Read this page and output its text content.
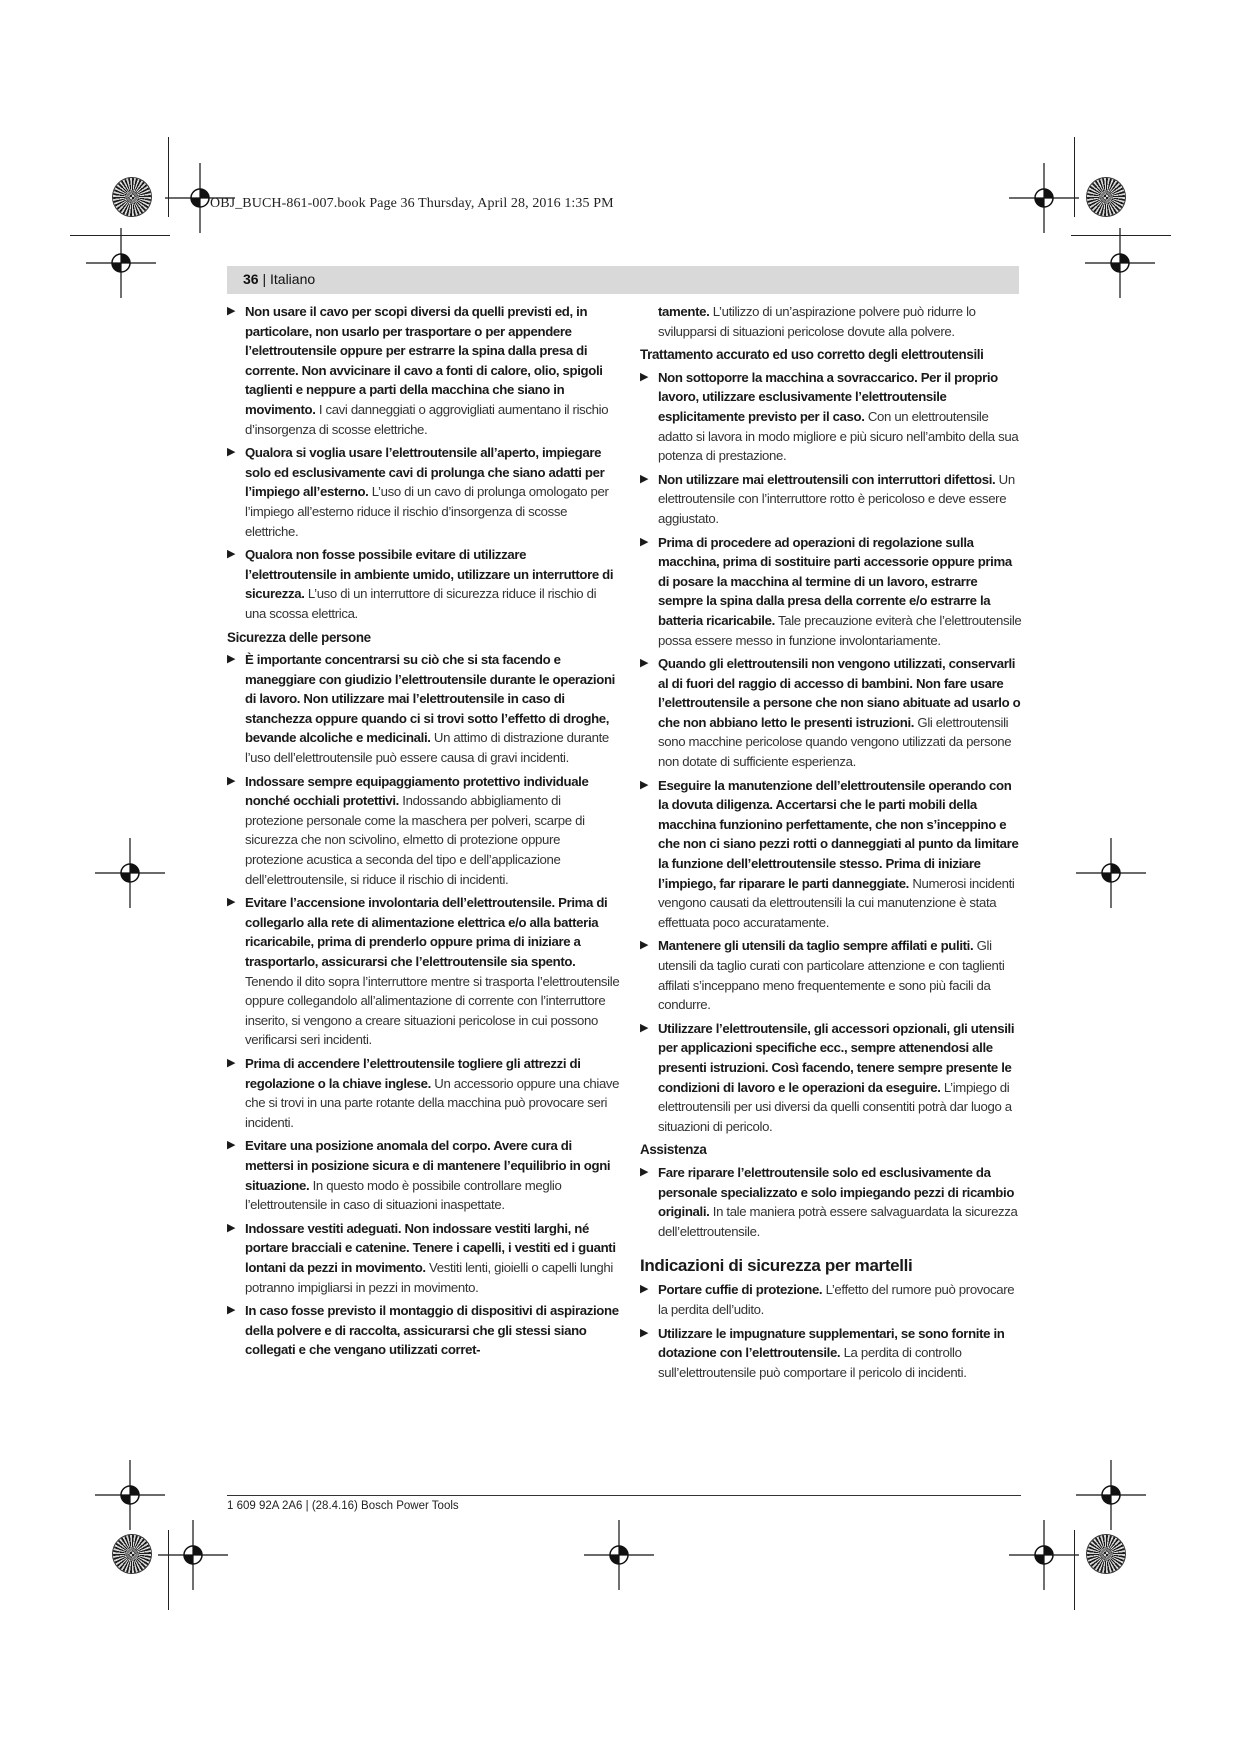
OBJ_BUCH-861-007.book Page 36 Thursday, April 28, 2016 1:35 PM
36 | Italiano
▶ Non usare il cavo per scopi diversi da quelli previsti ed, in particolare, non usarlo per trasportare o per appendere l’elettroutensile oppure per estrarre la spina dalla presa di corrente. Non avvicinare il cavo a fonti di calore, olio, spigoli taglienti e neppure a parti della macchina che siano in movimento. I cavi danneggiati o aggrovigliati aumentano il rischio d’insorgenza di scosse elettriche.
▶ Qualora si voglia usare l’elettroutensile all’aperto, impiegare solo ed esclusivamente cavi di prolunga che siano adatti per l’impiego all’esterno. L’uso di un cavo di prolunga omologato per l’impiego all’esterno riduce il rischio d’insorgenza di scosse elettriche.
▶ Qualora non fosse possibile evitare di utilizzare l’elettroutensile in ambiente umido, utilizzare un interruttore di sicurezza. L’uso di un interruttore di sicurezza riduce il rischio di una scossa elettrica.
Sicurezza delle persone
▶ È importante concentrarsi su ciò che si sta facendo e maneggiare con giudizio l’elettroutensile durante le operazioni di lavoro. Non utilizzare mai l’elettroutensile in caso di stanchezza oppure quando ci si trovi sotto l’effetto di droghe, bevande alcoliche e medicinali. Un attimo di distrazione durante l’uso dell’elettroutensile può essere causa di gravi incidenti.
▶ Indossare sempre equipaggiamento protettivo individuale nonché occhiali protettivi. Indossando abbigliamento di protezione personale come la maschera per polveri, scarpe di sicurezza che non scivolino, elmetto di protezione oppure protezione acustica a seconda del tipo e dell’applicazione dell’elettroutensile, si riduce il rischio di incidenti.
▶ Evitare l’accensione involontaria dell’elettroutensile. Prima di collegarlo alla rete di alimentazione elettrica e/o alla batteria ricaricabile, prima di prenderlo oppure prima di iniziare a trasportarlo, assicurarsi che l’elettroutensile sia spento. Tenendo il dito sopra l’interruttore mentre si trasporta l’elettroutensile oppure collegandolo all’alimentazione di corrente con l’interruttore inserito, si vengono a creare situazioni pericolose in cui possono verificarsi seri incidenti.
▶ Prima di accendere l’elettroutensile togliere gli attrezzi di regolazione o la chiave inglese. Un accessorio oppure una chiave che si trovi in una parte rotante della macchina può provocare seri incidenti.
▶ Evitare una posizione anomala del corpo. Avere cura di mettersi in posizione sicura e di mantenere l’equilibrio in ogni situazione. In questo modo è possibile controllare meglio l’elettroutensile in caso di situazioni inaspettate.
▶ Indossare vestiti adeguati. Non indossare vestiti larghi, né portare bracciali e catenine. Tenere i capelli, i vestiti ed i guanti lontani da pezzi in movimento. Vestiti lenti, gioielli o capelli lunghi potranno impigliarsi in pezzi in movimento.
▶ In caso fosse previsto il montaggio di dispositivi di aspirazione della polvere e di raccolta, assicurarsi che gli stessi siano collegati e che vengano utilizzati corret-
tamente. L’utilizzo di un’aspirazione polvere può ridurre lo svilupparsi di situazioni pericolose dovute alla polvere.
Trattamento accurato ed uso corretto degli elettroutensili
▶ Non sottoporre la macchina a sovraccarico. Per il proprio lavoro, utilizzare esclusivamente l’elettroutensile esplicitamente previsto per il caso. Con un elettroutensile adatto si lavora in modo migliore e più sicuro nell’ambito della sua potenza di prestazione.
▶ Non utilizzare mai elettroutensili con interruttori difettosi. Un elettroutensile con l’interruttore rotto è pericoloso e deve essere aggiustato.
▶ Prima di procedere ad operazioni di regolazione sulla macchina, prima di sostituire parti accessorie oppure prima di posare la macchina al termine di un lavoro, estrarre sempre la spina dalla presa della corrente e/o estrarre la batteria ricaricabile. Tale precauzione eviterà che l’elettroutensile possa essere messo in funzione involontariamente.
▶ Quando gli elettroutensili non vengono utilizzati, conservarli al di fuori del raggio di accesso di bambini. Non fare usare l’elettroutensile a persone che non siano abituate ad usarlo o che non abbiano letto le presenti istruzioni. Gli elettroutensili sono macchine pericolose quando vengono utilizzati da persone non dotate di sufficiente esperienza.
▶ Eseguire la manutenzione dell’elettroutensile operando con la dovuta diligenza. Accertarsi che le parti mobili della macchina funzionino perfettamente, che non s’inceppino e che non ci siano pezzi rotti o danneggiati al punto da limitare la funzione dell’elettroutensile stesso. Prima di iniziare l’impiego, far riparare le parti danneggiate. Numerosi incidenti vengono causati da elettroutensili la cui manutenzione è stata effettuata poco accuratamente.
▶ Mantenere gli utensili da taglio sempre affilati e puliti. Gli utensili da taglio curati con particolare attenzione e con taglienti affilati s’inceppano meno frequentemente e sono più facili da condurre.
▶ Utilizzare l’elettroutensile, gli accessori opzionali, gli utensili per applicazioni specifiche ecc., sempre attenendosi alle presenti istruzioni. Così facendo, tenere sempre presente le condizioni di lavoro e le operazioni da eseguire. L’impiego di elettroutensili per usi diversi da quelli consentiti potrà dar luogo a situazioni di pericolo.
Assistenza
▶ Fare riparare l’elettroutensile solo ed esclusivamente da personale specializzato e solo impiegando pezzi di ricambio originali. In tale maniera potrà essere salvaguardata la sicurezza dell’elettroutensile.
Indicazioni di sicurezza per martelli
▶ Portare cuffie di protezione. L’effetto del rumore può provocare la perdita dell’udito.
▶ Utilizzare le impugnature supplementari, se sono fornite in dotazione con l’elettroutensile. La perdita di controllo sull’elettroutensile può comportare il pericolo di incidenti.
1 609 92A 2A6 | (28.4.16) Bosch Power Tools
